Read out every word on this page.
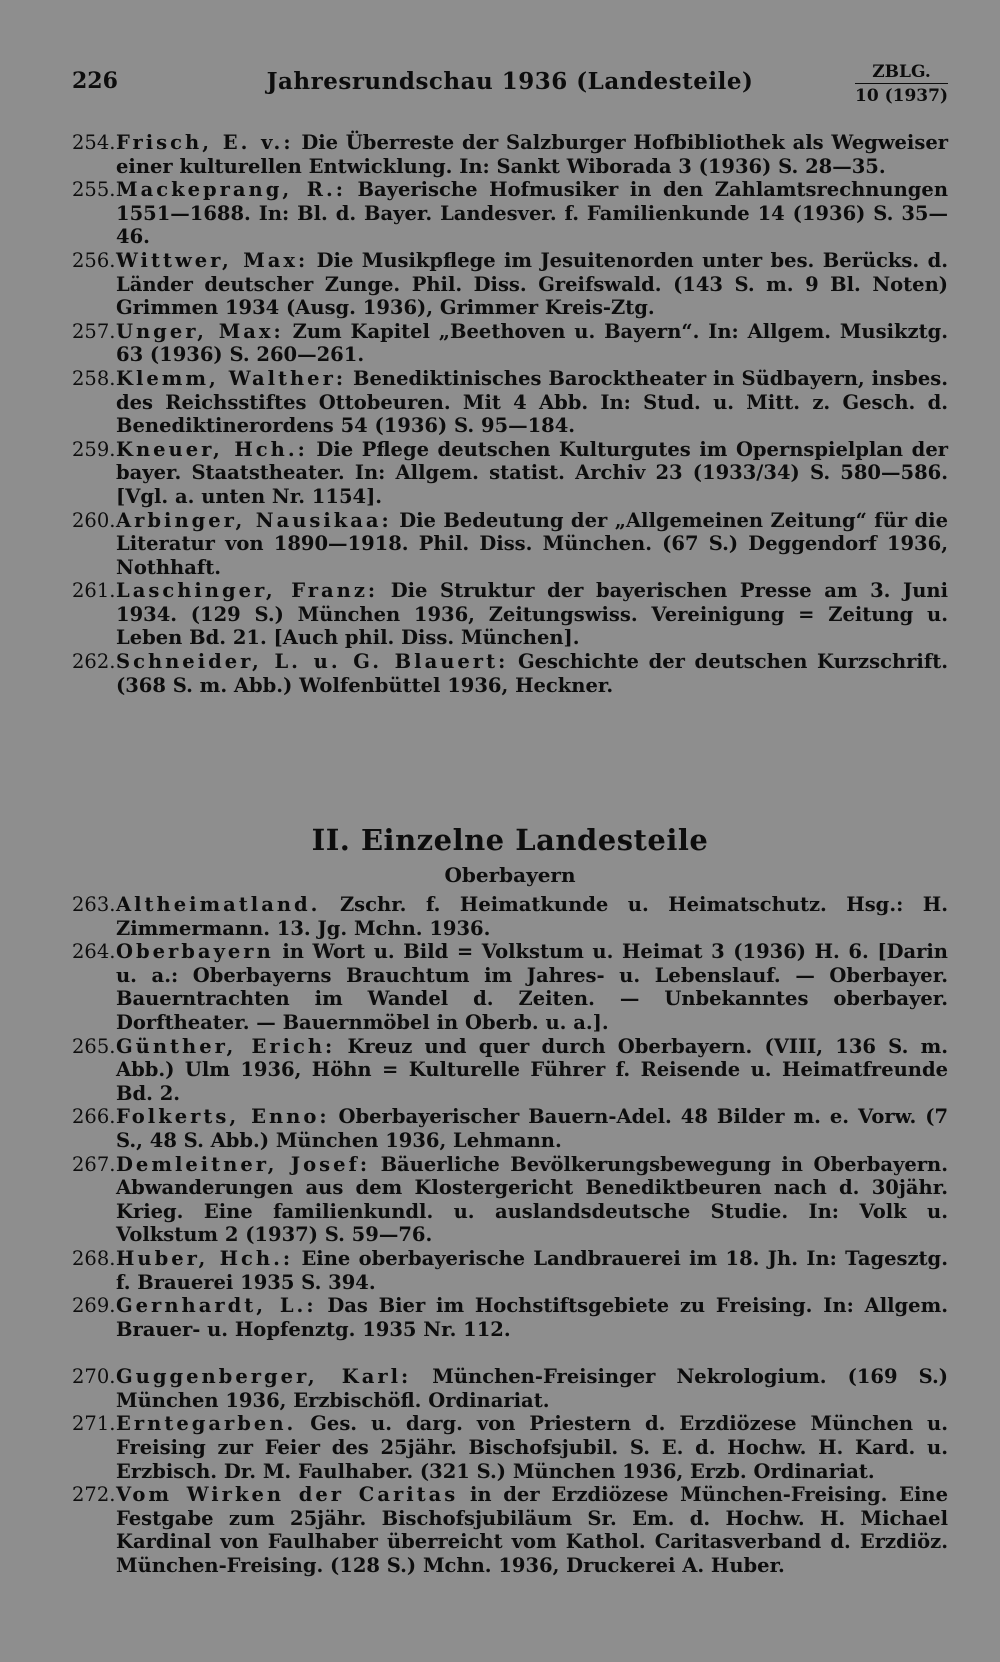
226	Jahresrundschau 1936 (Landesteile)	ZBLG.
10 (1937)
254. Frisch, E. v.: Die Überreste der Salzburger Hofbibliothek als Wegweiser einer kulturellen Entwicklung. In: Sankt Wiborada 3 (1936) S. 28—35.
255. Mackeprang, R.: Bayerische Hofmusiker in den Zahlamtsrechnungen 1551—1688. In: Bl. d. Bayer. Landesver. f. Familienkunde 14 (1936) S. 35—46.
256. Wittwer, Max: Die Musikpflege im Jesuitenorden unter bes. Berücks. d. Länder deutscher Zunge. Phil. Diss. Greifswald. (143 S. m. 9 Bl. Noten) Grimmen 1934 (Ausg. 1936), Grimmer Kreis-Ztg.
257. Unger, Max: Zum Kapitel „Beethoven u. Bayern“. In: Allgem. Musikztg. 63 (1936) S. 260—261.
258. Klemm, Walther: Benediktinisches Barocktheater in Südbayern, insbes. des Reichsstiftes Ottobeuren. Mit 4 Abb. In: Stud. u. Mitt. z. Gesch. d. Benediktinerordens 54 (1936) S. 95—184.
259. Kneuer, Hch.: Die Pflege deutschen Kulturgutes im Opernspielplan der bayer. Staatstheater. In: Allgem. statist. Archiv 23 (1933/34) S. 580—586. [Vgl. a. unten Nr. 1154].
260. Arbinger, Nausikaa: Die Bedeutung der „Allgemeinen Zeitung“ für die Literatur von 1890—1918. Phil. Diss. München. (67 S.) Deggendorf 1936, Nothhaft.
261. Laschinger, Franz: Die Struktur der bayerischen Presse am 3. Juni 1934. (129 S.) München 1936, Zeitungswiss. Vereinigung = Zeitung u. Leben Bd. 21. [Auch phil. Diss. München].
262. Schneider, L. u. G. Blauert: Geschichte der deutschen Kurzschrift. (368 S. m. Abb.) Wolfenbüttel 1936, Heckner.
II. Einzelne Landesteile
Oberbayern
263. Altheimatland. Zschr. f. Heimatkunde u. Heimatschutz. Hsg.: H. Zimmermann. 13. Jg. Mchn. 1936.
264. Oberbayern in Wort u. Bild = Volkstum u. Heimat 3 (1936) H. 6. [Darin u. a.: Oberbayerns Brauchtum im Jahres- u. Lebenslauf. — Oberbayer. Bauerntrachten im Wandel d. Zeiten. — Unbekanntes oberbayer. Dorftheater. — Bauernmöbel in Oberb. u. a.].
265. Günther, Erich: Kreuz und quer durch Oberbayern. (VIII, 136 S. m. Abb.) Ulm 1936, Höhn = Kulturelle Führer f. Reisende u. Heimatfreunde Bd. 2.
266. Folkerts, Enno: Oberbayerischer Bauern-Adel. 48 Bilder m. e. Vorw. (7 S., 48 S. Abb.) München 1936, Lehmann.
267. Demleitner, Josef: Bäuerliche Bevölkerungsbewegung in Oberbayern. Abwanderungen aus dem Klostergericht Benediktbeuren nach d. 30jähr. Krieg. Eine familienkundl. u. auslandsdeutsche Studie. In: Volk u. Volkstum 2 (1937) S. 59—76.
268. Huber, Hch.: Eine oberbayerische Landbrauerei im 18. Jh. In: Tagesztg. f. Brauerei 1935 S. 394.
269. Gernhardt, L.: Das Bier im Hochstiftsgebiete zu Freising. In: Allgem. Brauer- u. Hopfenztg. 1935 Nr. 112.
270. Guggenberger, Karl: München-Freisinger Nekrologium. (169 S.) München 1936, Erzbischöfl. Ordinariat.
271. Erntegarben. Ges. u. darg. von Priestern d. Erzdiözese München u. Freising zur Feier des 25jähr. Bischofsjubil. S. E. d. Hochw. H. Kard. u. Erzbisch. Dr. M. Faulhaber. (321 S.) München 1936, Erzb. Ordinariat.
272. Vom Wirken der Caritas in der Erzdiözese München-Freising. Eine Festgabe zum 25jähr. Bischofsjubiläum Sr. Em. d. Hochw. H. Michael Kardinal von Faulhaber überreicht vom Kathol. Caritasverband d. Erzdiöz. München-Freising. (128 S.) Mchn. 1936, Druckerei A. Huber.
